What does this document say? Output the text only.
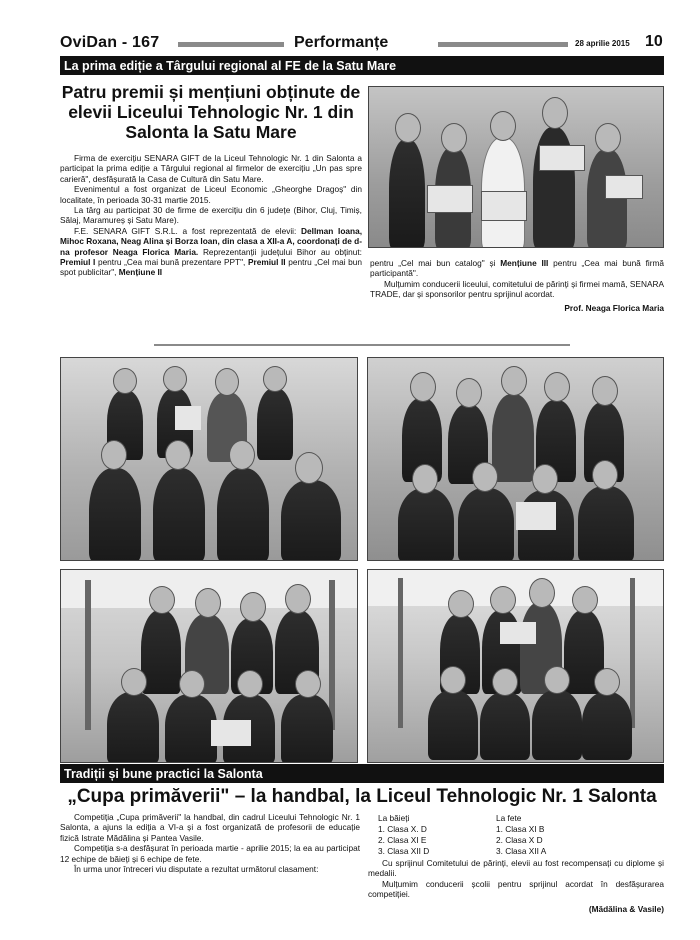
OviDan - 167	Performanțe	28 aprilie 2015 10
La prima ediție a Târgului regional al FE de la Satu Mare
Patru premii și mențiuni obținute de elevii Liceului Tehnologic Nr. 1 din Salonta la Satu Mare

Firma de exercițiu SENARA GIFT de la Liceul Tehnologic Nr. 1 din Salonta a participat la prima ediție a Târgului regional al firmelor de exercițiu „Un pas spre carieră", desfășurată la Casa de Cultură din Satu Mare.

Evenimentul a fost organizat de Liceul Economic „Gheorghe Dragoș" din localitate, în perioada 30-31 martie 2015.

La târg au participat 30 de firme de exercițiu din 6 județe (Bihor, Cluj, Timiș, Sălaj, Maramureș și Satu Mare).

F.E. SENARA GIFT S.R.L. a fost reprezentată de elevii: Dellman Ioana, Mihoc Roxana, Neag Alina și Borza Ioan, din clasa a XII-a A, coordonați de d-na profesor Neaga Florica Maria. Reprezentanții județului Bihor au obținut: Premiul I pentru „Cea mai bună prezentare PPT", Premiul II pentru „Cel mai bun spot publicitar", Mențiune II

pentru „Cel mai bun catalog" și Mențiune III pentru „Cea mai bună firmă participantă".

Mulțumim conducerii liceului, comitetului de părinți și firmei mamă, SENARA TRADE, dar și sponsorilor pentru sprijinul acordat.

Prof. Neaga Florica Maria
Tradiții și bune practici la Salonta
„Cupa primăverii" – la handbal, la Liceul Tehnologic Nr. 1 Salonta

Competiția „Cupa primăverii" la handbal, din cadrul Liceului Tehnologic Nr. 1 Salonta, a ajuns la ediția a VI-a și a fost organizată de profesorii de educație fizică Istrate Mădălina și Pantea Vasile.

Competiția s-a desfășurat în perioada martie - aprilie 2015; la ea au participat 12 echipe de băieți și 6 echipe de fete.

În urma unor întreceri viu disputate a rezultat următorul clasament:

La băieți
1. Clasa X. D
2. Clasa XI E
3. Clasa XII D
La fete
1. Clasa XI B
2. Clasa X D
3. Clasa XII A

Cu sprijinul Comitetului de părinți, elevii au fost recompensați cu diplome și medalii.

Mulțumim conducerii școlii pentru sprijinul acordat în desfășurarea competiției.

(Mădălina & Vasile)
